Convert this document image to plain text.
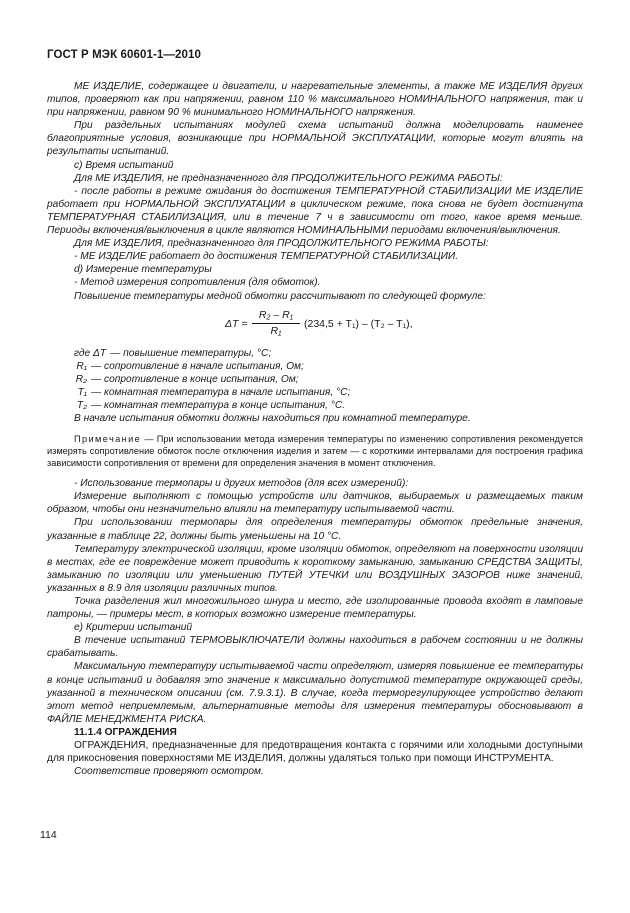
ГОСТ Р МЭК 60601-1—2010

МЕ ИЗДЕЛИЕ, содержащее и двигатели, и нагревательные элементы, а также МЕ ИЗДЕЛИЯ других типов, проверяют как при напряжении, равном 110 % максимального НОМИНАЛЬНОГО напряжения, так и при напряжении, равном 90 % минимального НОМИНАЛЬНОГО напряжения.

При раздельных испытаниях модулей схема испытаний должна моделировать наименее благоприятные условия, возникающие при НОРМАЛЬНОЙ ЭКСПЛУАТАЦИИ, которые могут влиять на результаты испытаний.

с) Время испытаний

Для МЕ ИЗДЕЛИЯ, не предназначенного для ПРОДОЛЖИТЕЛЬНОГО РЕЖИМА РАБОТЫ:

- после работы в режиме ожидания до достижения ТЕМПЕРАТУРНОЙ СТАБИЛИЗАЦИИ МЕ ИЗДЕЛИЕ работает при НОРМАЛЬНОЙ ЭКСПЛУАТАЦИИ в циклическом режиме, пока снова не будет достигнута ТЕМПЕРАТУРНАЯ СТАБИЛИЗАЦИЯ, или в течение 7 ч в зависимости от того, какое время меньше. Периоды включения/выключения в цикле являются НОМИНАЛЬНЫМИ периодами включения/выключения.

Для МЕ ИЗДЕЛИЯ, предназначенного для ПРОДОЛЖИТЕЛЬНОГО РЕЖИМА РАБОТЫ:

- МЕ ИЗДЕЛИЕ работает до достижения ТЕМПЕРАТУРНОЙ СТАБИЛИЗАЦИИ.

d) Измерение температуры

- Метод измерения сопротивления (для обмоток).

Повышение температуры медной обмотки рассчитывают по следующей формуле:

$\Delta T = \frac{\text{R₂ – R₁}}{\text{R₁}} (234,5 + T_1) - (T_2 - T_1)$,
где ΔT — повышение температуры, °С;
R₁ — сопротивление в начале испытания, Ом;
R₂ — сопротивление в конце испытания, Ом;
T₁ — комнатная температура в начале испытания, °С;
T₂ — комнатная температура в конце испытания, °С.

В начале испытания обмотки должны находиться при комнатной температуре.

Примечание — При использовании метода измерения температуры по изменению сопротивления рекомендуется измерять сопротивление обмоток после отключения изделия и затем — с короткими интервалами для построения графика зависимости сопротивления от времени для определения значения в момент отключения.

- Использование термопары и других методов (для всех измерений):

Измерение выполняют с помощью устройств или датчиков, выбираемых и размещаемых таким образом, чтобы они незначительно влияли на температуру испытываемой части.

При использовании термопары для определения температуры обмоток предельные значения, указанные в таблице 22, должны быть уменьшены на 10 °С.

Температуру электрической изоляции, кроме изоляции обмоток, определяют на поверхности изоляции в местах, где ее повреждение может приводить к короткому замыканию, замыканию СРЕДСТВА ЗАЩИТЫ, замыканию по изоляции или уменьшению ПУТЕЙ УТЕЧКИ или ВОЗДУШНЫХ ЗАЗОРОВ ниже значений, указанных в 8.9 для изоляции различных типов.

Точка разделения жил многожильного шнура и место, где изолированные провода входят в ламповые патроны, — примеры мест, в которых возможно измерение температуры.

е) Критерии испытаний

В течение испытаний ТЕРМОВЫКЛЮЧАТЕЛИ должны находиться в рабочем состоянии и не должны срабатывать.

Максимальную температуру испытываемой части определяют, измеряя повышение ее температуры в конце испытаний и добавляя это значение к максимально допустимой температуре окружающей среды, указанной в техническом описании (см. 7.9.3.1). В случае, когда терморегулирующее устройство делают этот метод неприемлемым, альтернативные методы для измерения температуры обосновывают в ФАЙЛЕ МЕНЕДЖМЕНТА РИСКА.

11.1.4 ОГРАЖДЕНИЯ

ОГРАЖДЕНИЯ, предназначенные для предотвращения контакта с горячими или холодными доступными для прикосновения поверхностями МЕ ИЗДЕЛИЯ, должны удаляться только при помощи ИНСТРУМЕНТА.

Соответствие проверяют осмотром.

114
